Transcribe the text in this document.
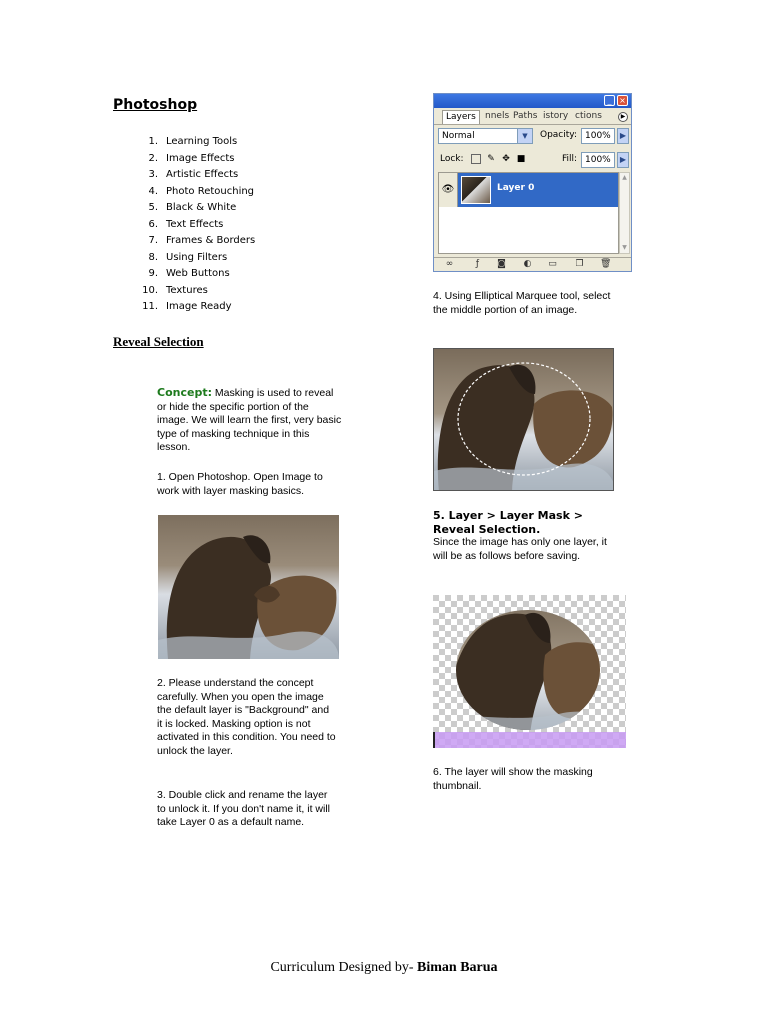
Photoshop
1. Learning Tools
2. Image Effects
3. Artistic Effects
4. Photo Retouching
5. Black & White
6. Text Effects
7. Frames & Borders
8. Using Filters
9. Web Buttons
10. Textures
11. Image Ready
Reveal Selection
Concept: Masking is used to reveal or hide the specific portion of the image. We will learn the first, very basic type of masking technique in this lesson.
1. Open Photoshop. Open Image to work with layer masking basics.
2. Please understand the concept carefully. When you open the image the default layer is "Background" and it is locked. Masking option is not activated in this condition. You need to unlock the layer.
3. Double click and rename the layer to unlock it. If you don't name it, it will take Layer 0 as a default name.
_ ×
Layers	nnels Paths istory ctions	▶
Normal	▼	Opacity: 100%	▶
Lock:	✎ ✥ ■	Fill: 100%	▶
👁	Layer 0
▲
▼
∞	ƒ	◙ ◐ ▭ ❐ 🗑
4. Using Elliptical Marquee tool, select the middle portion of an image.
5. Layer > Layer Mask > Reveal Selection.
Since the image has only one layer, it will be as follows before saving.
6. The layer will show the masking thumbnail.
Curriculum Designed by- Biman Barua
